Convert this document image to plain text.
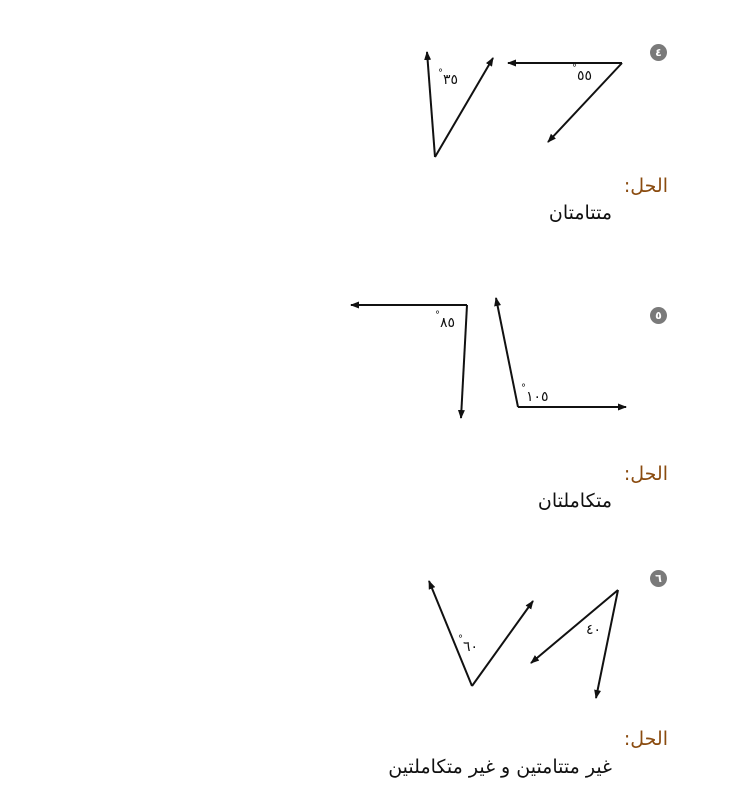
٤
٥
٦
٣٥
°	٥٥
°
٨٥
°
١٠٥
°
٦٠
°
٤٠
الحل:
الحل:
الحل:
متتامتان
متكاملتان
غير متتامتين و غير متكاملتين
